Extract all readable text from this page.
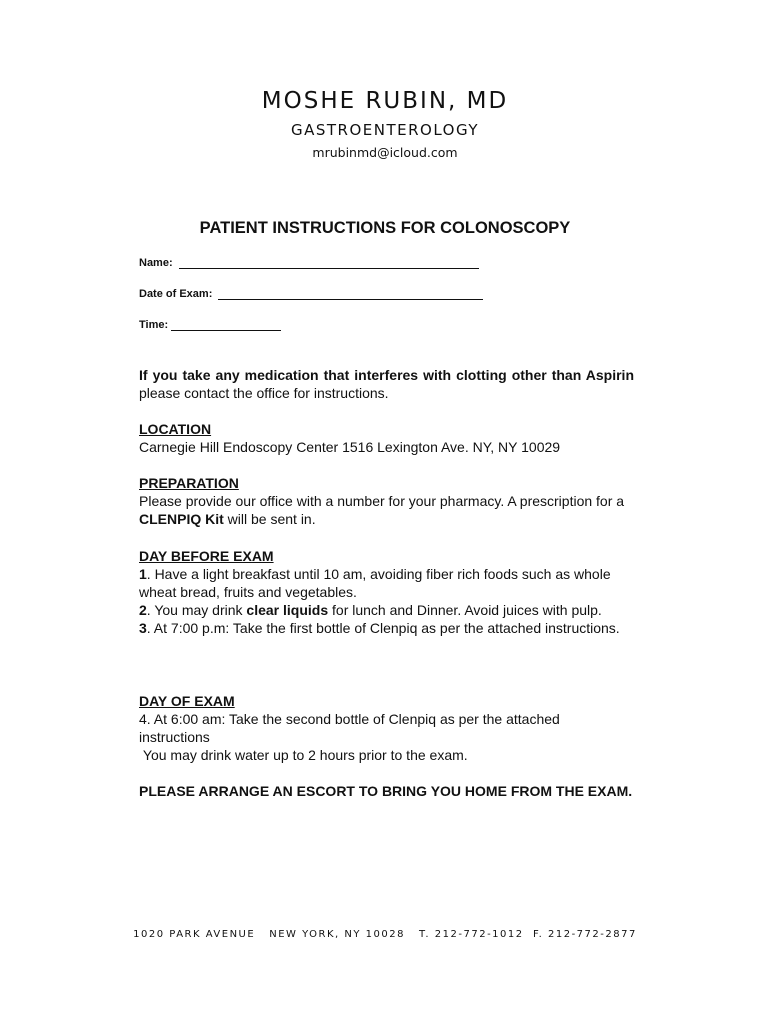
MOSHE RUBIN, MD
GASTROENTEROLOGY
mrubinmd@icloud.com
PATIENT INSTRUCTIONS FOR COLONOSCOPY
Name:
Date of Exam:
Time:
If you take any medication that interferes with clotting other than Aspirin please contact the office for instructions.
LOCATION
Carnegie Hill Endoscopy Center 1516 Lexington Ave. NY, NY 10029
PREPARATION
Please provide our office with a number for your pharmacy. A prescription for a CLENPIQ Kit will be sent in.
DAY BEFORE EXAM
1. Have a light breakfast until 10 am, avoiding fiber rich foods such as whole wheat bread, fruits and vegetables.
2. You may drink clear liquids for lunch and Dinner. Avoid juices with pulp.
3. At 7:00 p.m: Take the first bottle of Clenpiq as per the attached instructions.
DAY OF EXAM
4. At 6:00 am: Take the second bottle of Clenpiq as per the attached instructions
You may drink water up to 2 hours prior to the exam.
PLEASE ARRANGE AN ESCORT TO BRING YOU HOME FROM THE EXAM.
1020 PARK AVENUE   NEW YORK, NY 10028   T. 212-772-1012  F. 212-772-2877
